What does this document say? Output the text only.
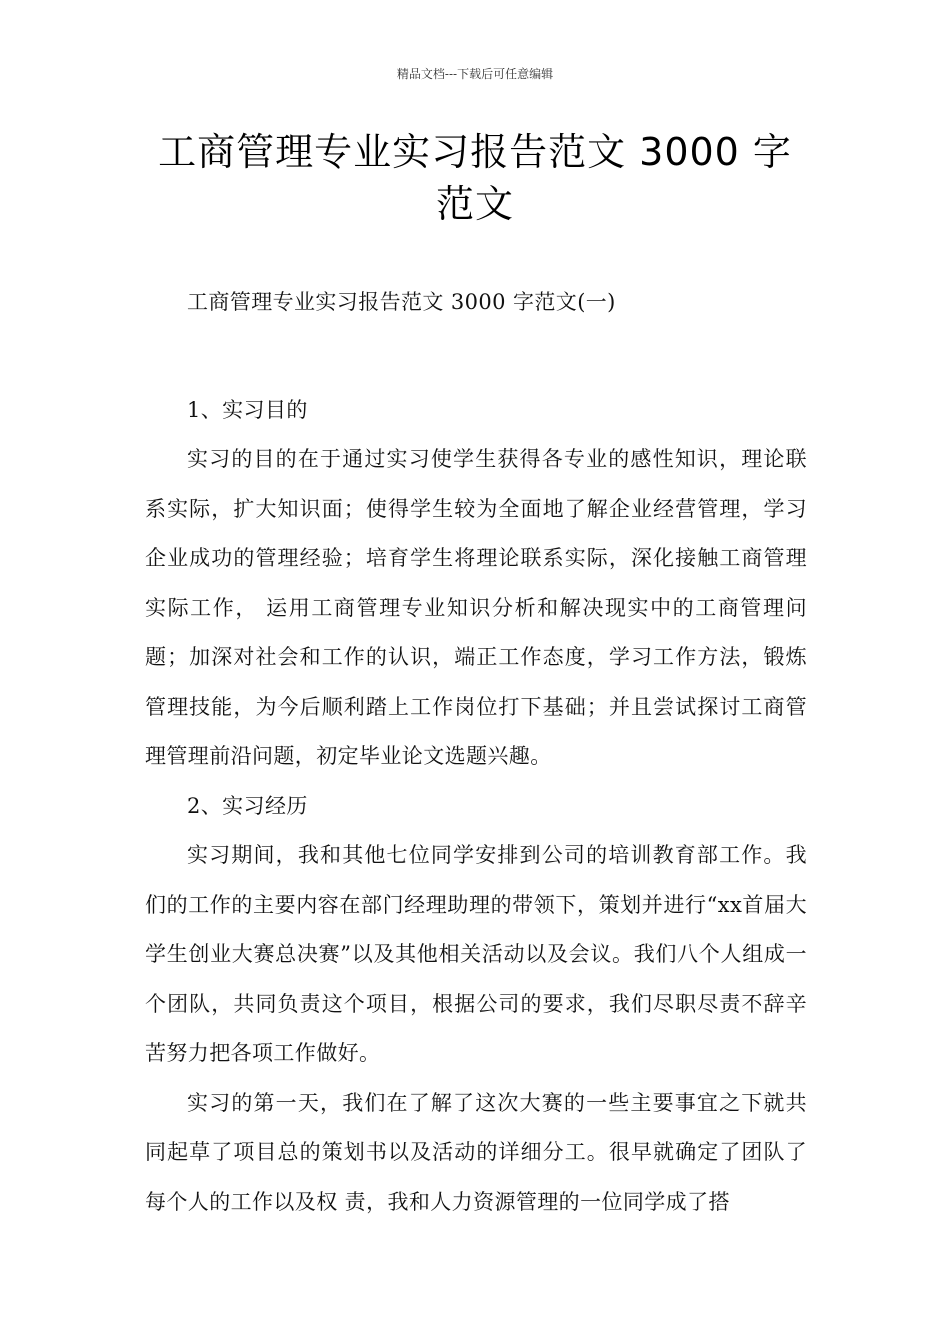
精品文档---下载后可任意编辑
工商管理专业实习报告范文 3000 字范文

工商管理专业实习报告范文 3000 字范文(一)

1、实习目的

实习的目的在于通过实习使学生获得各专业的感性知识，理论联系实际，扩大知识面；使得学生较为全面地了解企业经营管理，学习企业成功的管理经验；培育学生将理论联系实际，深化接触工商管理实际工作， 运用工商管理专业知识分析和解决现实中的工商管理问题；加深对社会和工作的认识，端正工作态度，学习工作方法，锻炼管理技能，为今后顺利踏上工作岗位打下基础；并且尝试探讨工商管理管理前沿问题，初定毕业论文选题兴趣。

2、实习经历

实习期间，我和其他七位同学安排到公司的培训教育部工作。我们的工作的主要内容在部门经理助理的带领下，策划并进行“xx首届大学生创业大赛总决赛”以及其他相关活动以及会议。我们八个人组成一个团队，共同负责这个项目，根据公司的要求，我们尽职尽责不辞辛苦努力把各项工作做好。

实习的第一天，我们在了解了这次大赛的一些主要事宜之下就共同起草了项目总的策划书以及活动的详细分工。很早就确定了团队了每个人的工作以及权 责，我和人力资源管理的一位同学成了搭
